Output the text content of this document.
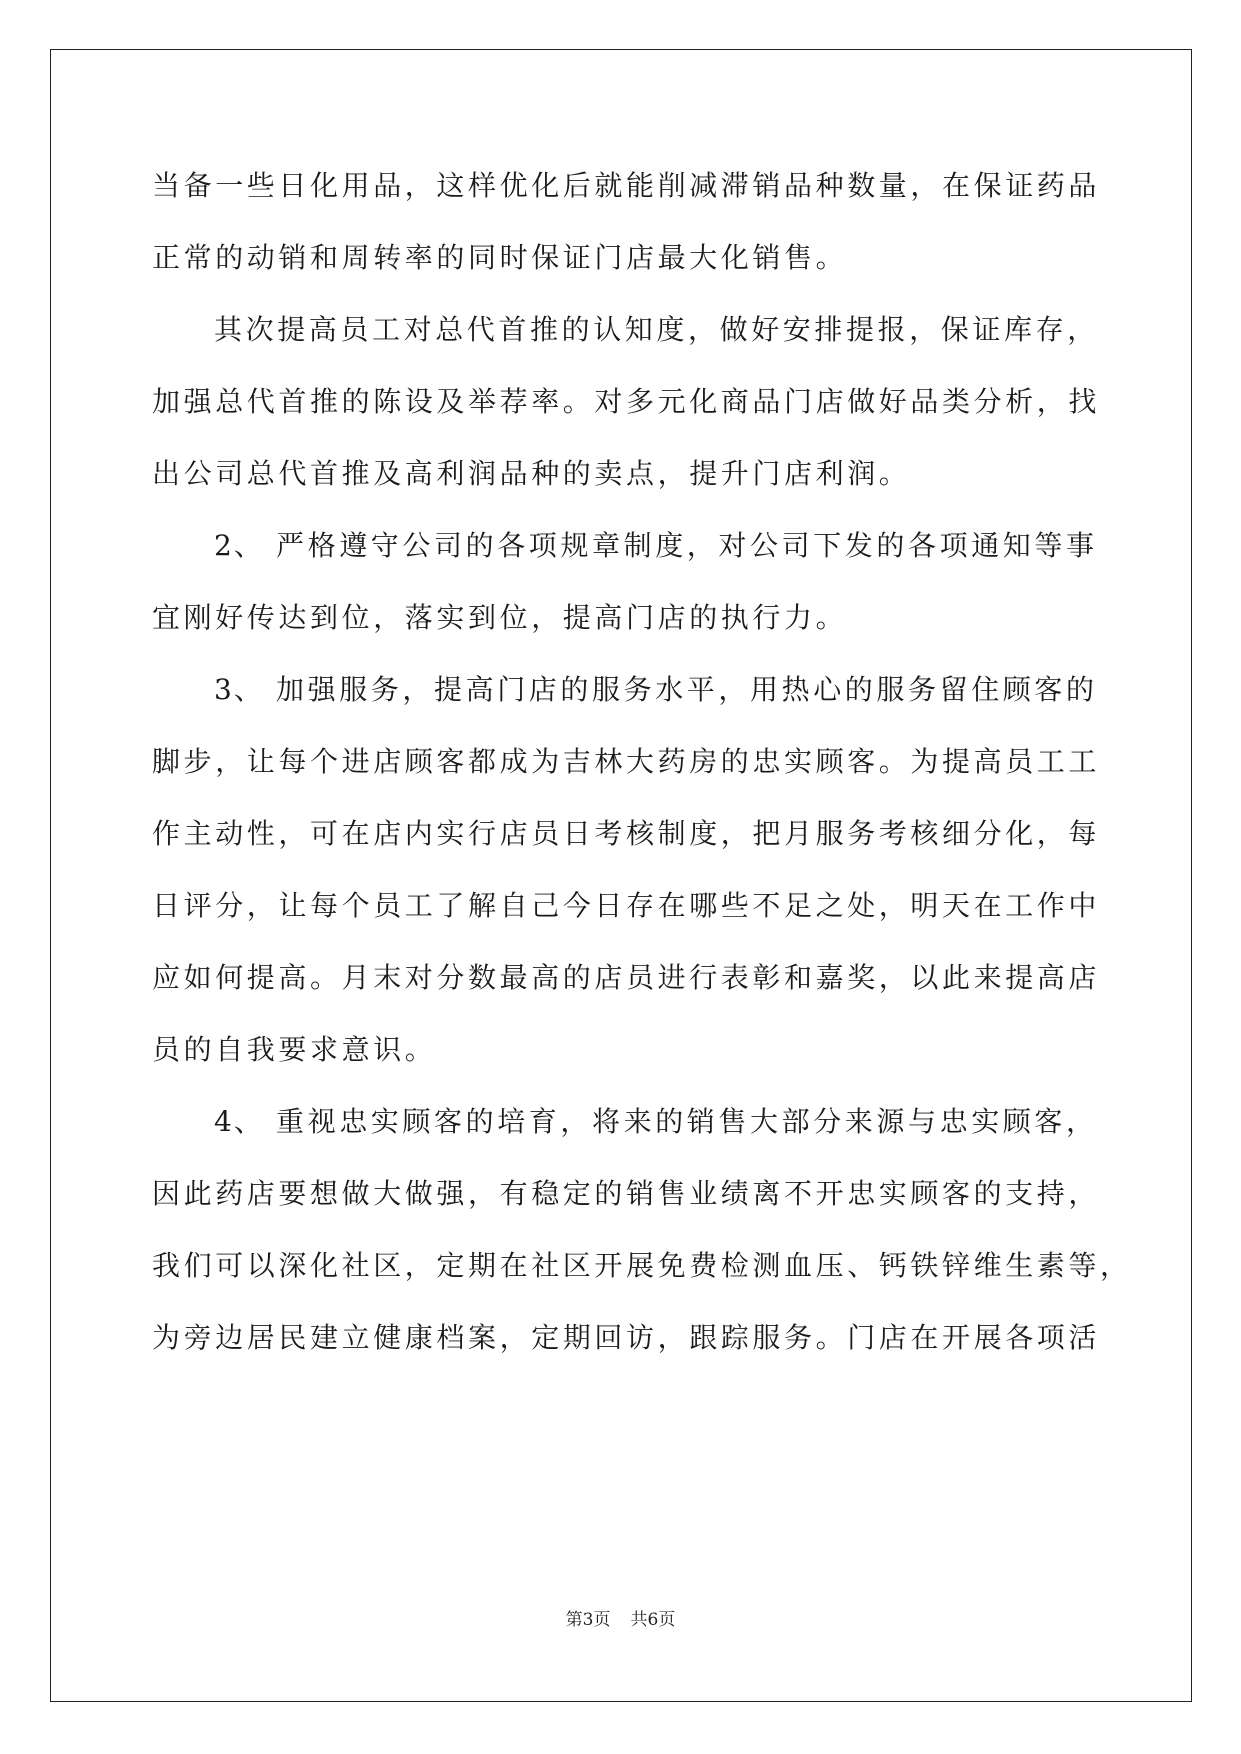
当备一些日化用品，这样优化后就能削减滞销品种数量，在保证药品
正常的动销和周转率的同时保证门店最大化销售。
其次提高员工对总代首推的认知度，做好安排提报，保证库存，
加强总代首推的陈设及举荐率。对多元化商品门店做好品类分析，找
出公司总代首推及高利润品种的卖点，提升门店利润。
2、 严格遵守公司的各项规章制度，对公司下发的各项通知等事
宜刚好传达到位，落实到位，提高门店的执行力。
3、 加强服务，提高门店的服务水平，用热心的服务留住顾客的
脚步，让每个进店顾客都成为吉林大药房的忠实顾客。为提高员工工
作主动性，可在店内实行店员日考核制度，把月服务考核细分化，每
日评分，让每个员工了解自己今日存在哪些不足之处，明天在工作中
应如何提高。月末对分数最高的店员进行表彰和嘉奖，以此来提高店
员的自我要求意识。
4、 重视忠实顾客的培育，将来的销售大部分来源与忠实顾客，
因此药店要想做大做强，有稳定的销售业绩离不开忠实顾客的支持，
我们可以深化社区，定期在社区开展免费检测血压、钙铁锌维生素等，
为旁边居民建立健康档案，定期回访，跟踪服务。门店在开展各项活
第3页 共6页
